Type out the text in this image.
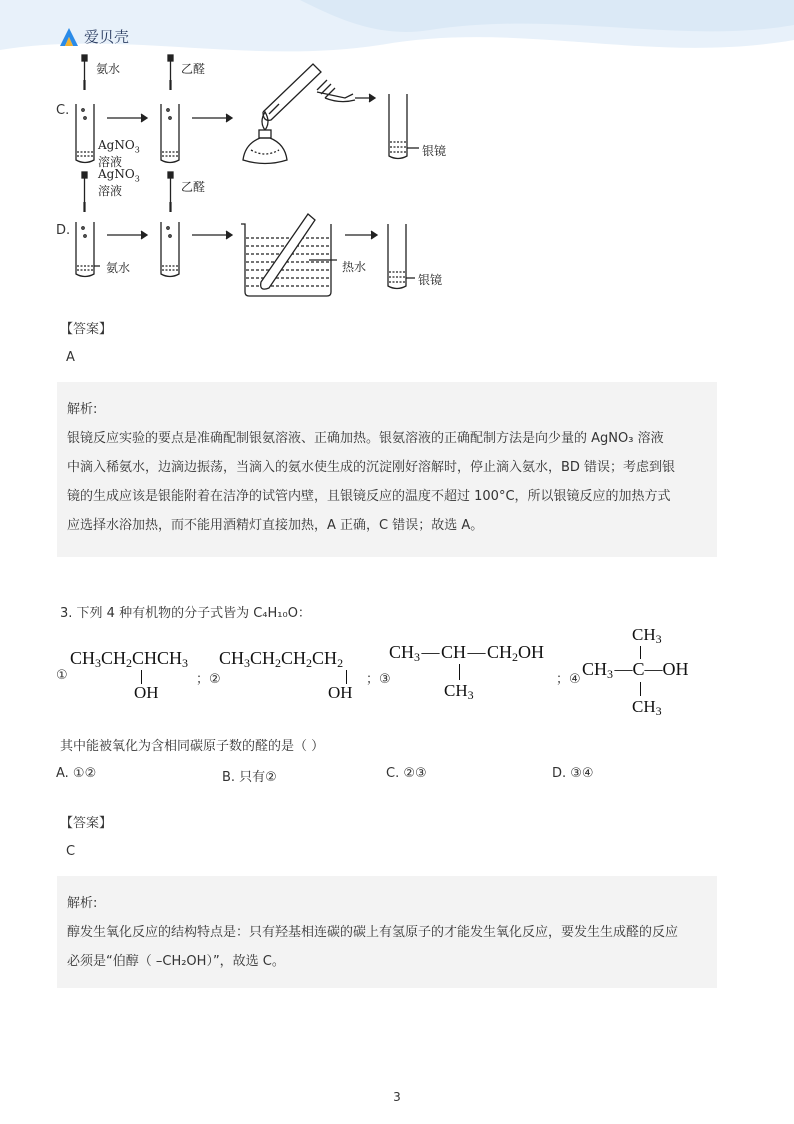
爱贝壳
C.
D.
氨水	乙醛
AgNO$_3$
溶液
银镜
AgNO$_3$
溶液	乙醛
氨水	热水
银镜
【答案】
A
解析:
银镜反应实验的要点是准确配制银氨溶液、正确加热。银氨溶液的正确配制方法是向少量的 AgNO₃ 溶液
中滴入稀氨水，边滴边振荡，当滴入的氨水使生成的沉淀刚好溶解时，停止滴入氨水，BD 错误；考虑到银
镜的生成应该是银能附着在洁净的试管内壁，且银镜反应的温度不超过 100°C，所以银镜反应的加热方式
应选择水浴加热，而不能用酒精灯直接加热，A 正确，C 错误；故选 A。
3. 下列 4 种有机物的分子式皆为 C₄H₁₀O：
①
$CH_3CH_2CHCH_3$
OH
；②
$CH_3CH_2CH_2CH_2$
OH
；③
$CH_3$ — CH — $CH_2OH$
$CH_3$
；④
$CH_3$
$CH_3$ —C—OH
$CH_3$
其中能被氧化为含相同碳原子数的醛的是（ ）
A. ①②	B. 只有②	C. ②③	D. ③④
【答案】
C
解析:
醇发生氧化反应的结构特点是：只有羟基相连碳的碳上有氢原子的才能发生氧化反应，要发生生成醛的反应
必须是“伯醇（ –CH₂OH）”，故选 C。
3
